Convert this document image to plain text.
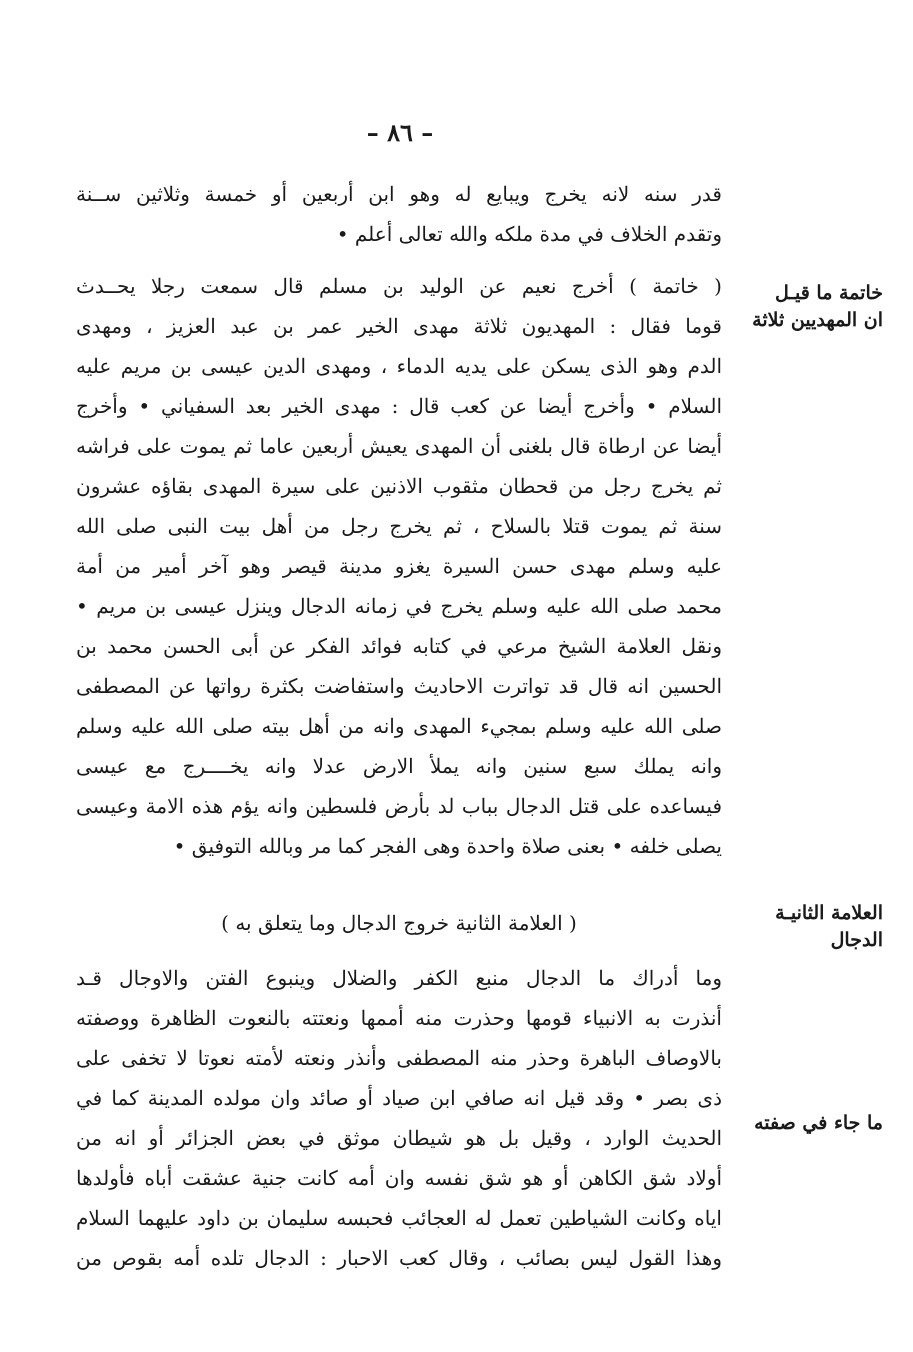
– ٨٦ –
قدر سنه لانه يخرج ويبايع له وهو ابن أربعين أو خمسة وثلاثين ســنة
وتقدم الخلاف في مدة ملكه والله تعالى أعلم •
( خاتمة ) أخرج نعيم عن الوليد بن مسلم قال سمعت رجلا يحــدث
قوما فقال : المهديون ثلاثة مهدى الخير عمر بن عبد العزيز ، ومهدى
الدم وهو الذى يسكن على يديه الدماء ، ومهدى الدين عيسى بن مريم عليه
السلام • وأخرج أيضا عن كعب قال : مهدى الخير بعد السفياني • وأخرج
أيضا عن ارطاة قال بلغنى أن المهدى يعيش أربعين عاما ثم يموت على فراشه
ثم يخرج رجل من قحطان مثقوب الاذنين على سيرة المهدى بقاؤه عشرون
سنة ثم يموت قتلا بالسلاح ، ثم يخرج رجل من أهل بيت النبى صلى الله
عليه وسلم مهدى حسن السيرة يغزو مدينة قيصر وهو آخر أمير من أمة
محمد صلى الله عليه وسلم يخرج في زمانه الدجال وينزل عيسى بن مريم •
ونقل العلامة الشيخ مرعي في كتابه فوائد الفكر عن أبى الحسن محمد بن
الحسين انه قال قد تواترت الاحاديث واستفاضت بكثرة رواتها عن المصطفى
صلى الله عليه وسلم بمجيء المهدى وانه من أهل بيته صلى الله عليه وسلم
وانه يملك سبع سنين وانه يملأ الارض عدلا وانه يخــــرج مع عيسى
فيساعده على قتل الدجال بباب لد بأرض فلسطين وانه يؤم هذه الامة وعيسى
يصلى خلفه • بعنى صلاة واحدة وهى الفجر كما مر وبالله التوفيق •
( العلامة الثانية خروج الدجال وما يتعلق به )
وما أدراك ما الدجال منبع الكفر والضلال وينبوع الفتن والاوجال قـد
أنذرت به الانبياء قومها وحذرت منه أممها ونعتته بالنعوت الظاهرة ووصفته
بالاوصاف الباهرة وحذر منه المصطفى وأنذر ونعته لأمته نعوتا لا تخفى على
ذى بصر • وقد قيل انه صافي ابن صياد أو صائد وان مولده المدينة كما في
الحديث الوارد ، وقيل بل هو شيطان موثق في بعض الجزائر أو انه من
أولاد شق الكاهن أو هو شق نفسه وان أمه كانت جنية عشقت أباه فأولدها
اياه وكانت الشياطين تعمل له العجائب فحبسه سليمان بن داود عليهما السلام
وهذا القول ليس بصائب ، وقال كعب الاحبار : الدجال تلده أمه بقوص من
خاتمة ما قيـل
ان المهديين ثلاثة
العلامة الثانيـة
الدجال
ما جاء في صفته
